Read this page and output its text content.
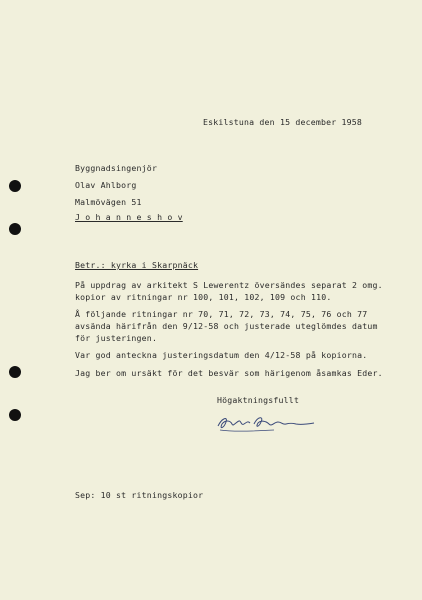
Eskilstuna den 15 december 1958
Byggnadsingenjör
Olav Ahlborg
Malmövägen 51
J o h a n n e s h o v
Betr.: kyrka i Skarpnäck
På uppdrag av arkitekt S Lewerentz översändes separat 2 omg.
kopior av ritningar nr 100, 101, 102, 109 och 110.
Å följande ritningar nr 70, 71, 72, 73, 74, 75, 76 och 77
avsända härifrån den 9/12-58 och justerade uteglömdes datum
för justeringen.
Var god anteckna justeringsdatum den 4/12-58 på kopiorna.
Jag ber om ursäkt för det besvär som härigenom åsamkas Eder.
Högaktningsfullt
Sep: 10 st ritningskopior
